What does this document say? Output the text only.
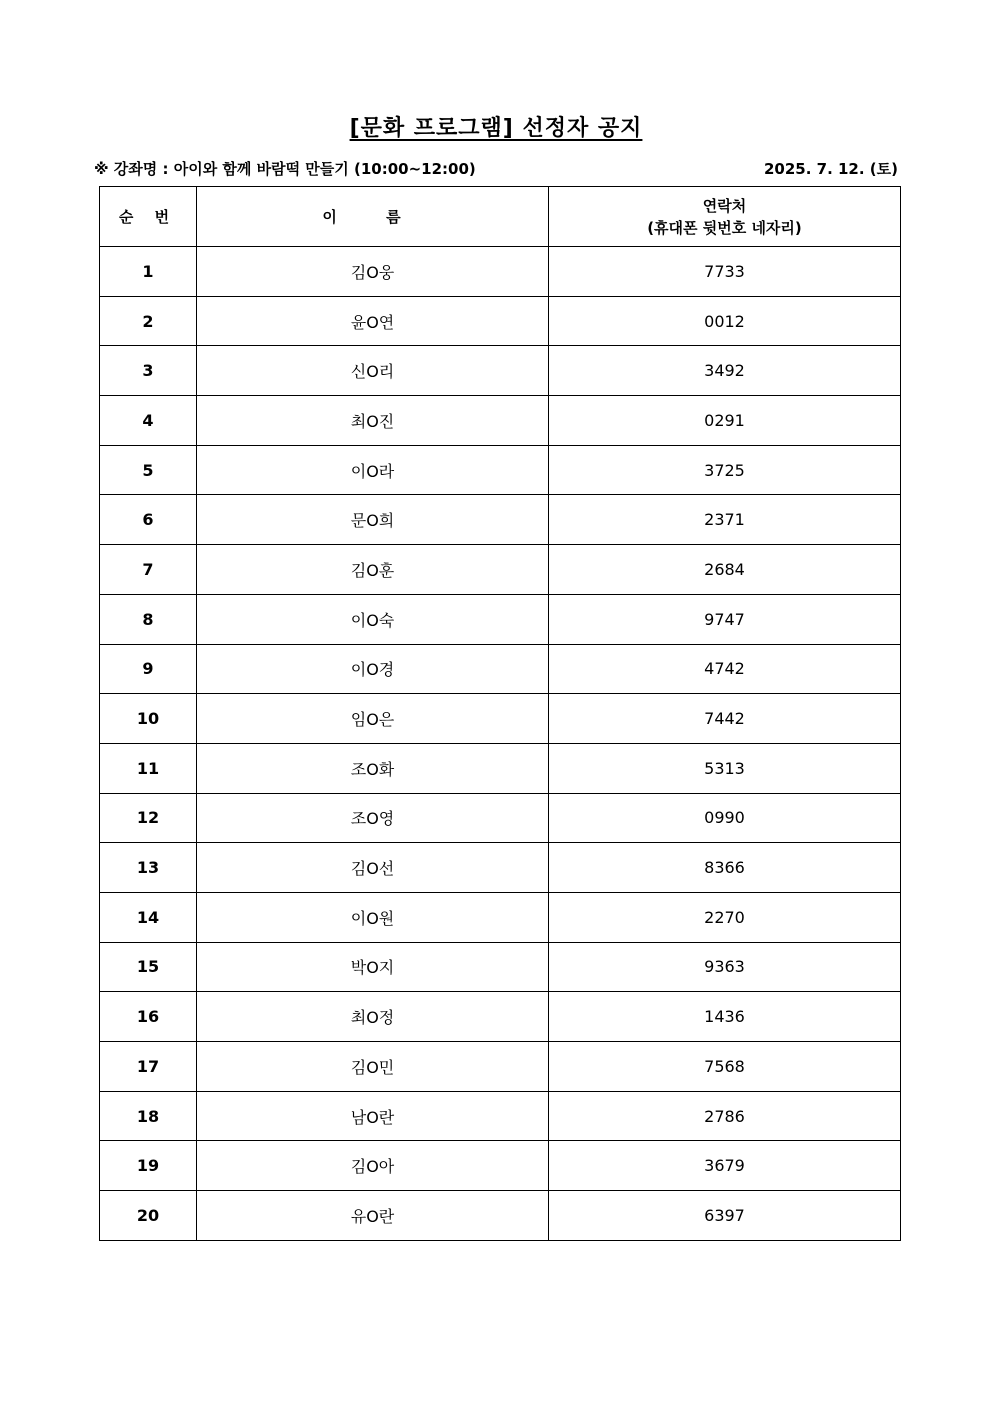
[문화 프로그램] 선정자 공지
※ 강좌명 : 아이와 함께 바람떡 만들기 (10:00~12:00)	2025. 7. 12. (토)
순 번	이 름	연락처
(휴대폰 뒷번호 네자리)

1	김O웅	7733
2	윤O연	0012
3	신O리	3492
4	최O진	0291
5	이O라	3725
6	문O희	2371
7	김O훈	2684
8	이O숙	9747
9	이O경	4742
10	임O은	7442
11	조O화	5313
12	조O영	0990
13	김O선	8366
14	이O원	2270
15	박O지	9363
16	최O정	1436
17	김O민	7568
18	남O란	2786
19	김O아	3679
20	유O란	6397
